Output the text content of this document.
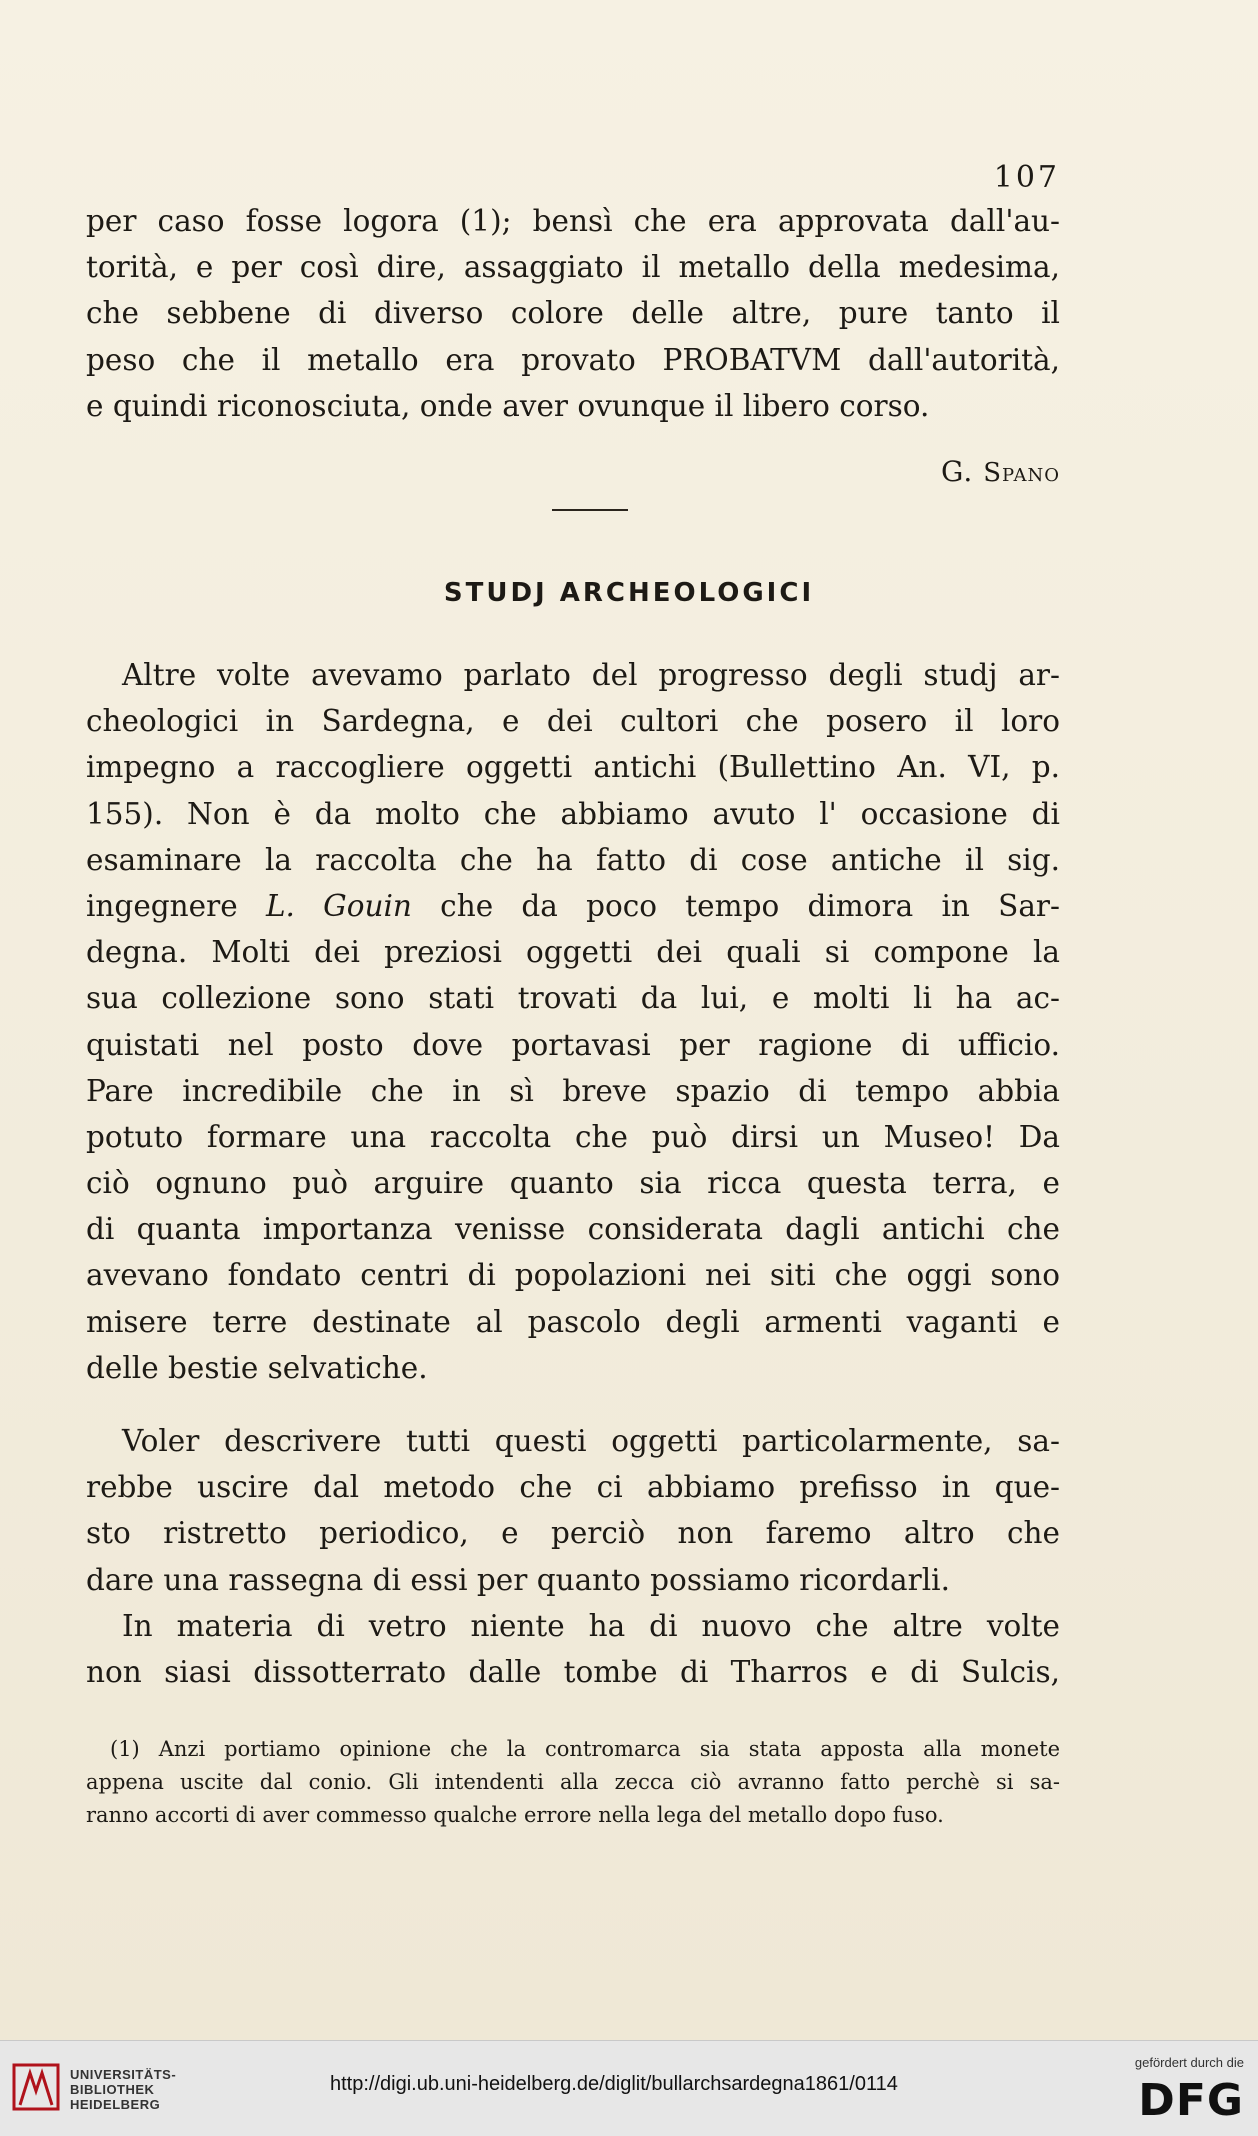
107
per caso fosse logora (1); bensì che era approvata dall'au-
torità, e per così dire, assaggiato il metallo della medesima,
che sebbene di diverso colore delle altre, pure tanto il
peso che il metallo era provato PROBATVM dall'autorità,
e quindi riconosciuta, onde aver ovunque il libero corso.
G. Spano
STUDJ ARCHEOLOGICI
Altre volte avevamo parlato del progresso degli studj ar-
cheologici in Sardegna, e dei cultori che posero il loro
impegno a raccogliere oggetti antichi (Bullettino An. VI, p.
155). Non è da molto che abbiamo avuto l' occasione di
esaminare la raccolta che ha fatto di cose antiche il sig.
ingegnere L. Gouin che da poco tempo dimora in Sar-
degna. Molti dei preziosi oggetti dei quali si compone la
sua collezione sono stati trovati da lui, e molti li ha ac-
quistati nel posto dove portavasi per ragione di ufficio.
Pare incredibile che in sì breve spazio di tempo abbia
potuto formare una raccolta che può dirsi un Museo! Da
ciò ognuno può arguire quanto sia ricca questa terra, e
di quanta importanza venisse considerata dagli antichi che
avevano fondato centri di popolazioni nei siti che oggi sono
misere terre destinate al pascolo degli armenti vaganti e
delle bestie selvatiche.
Voler descrivere tutti questi oggetti particolarmente, sa-
rebbe uscire dal metodo che ci abbiamo prefisso in que-
sto ristretto periodico, e perciò non faremo altro che
dare una rassegna di essi per quanto possiamo ricordarli.
In materia di vetro niente ha di nuovo che altre volte
non siasi dissotterrato dalle tombe di Tharros e di Sulcis,
(1) Anzi portiamo opinione che la contromarca sia stata apposta alla monete
appena uscite dal conio. Gli intendenti alla zecca ciò avranno fatto perchè si sa-
ranno accorti di aver commesso qualche errore nella lega del metallo dopo fuso.
UNIVERSITÄTS-
BIBLIOTHEK
HEIDELBERG
http://digi.ub.uni-heidelberg.de/diglit/bullarchsardegna1861/0114
gefördert durch die
DFG
